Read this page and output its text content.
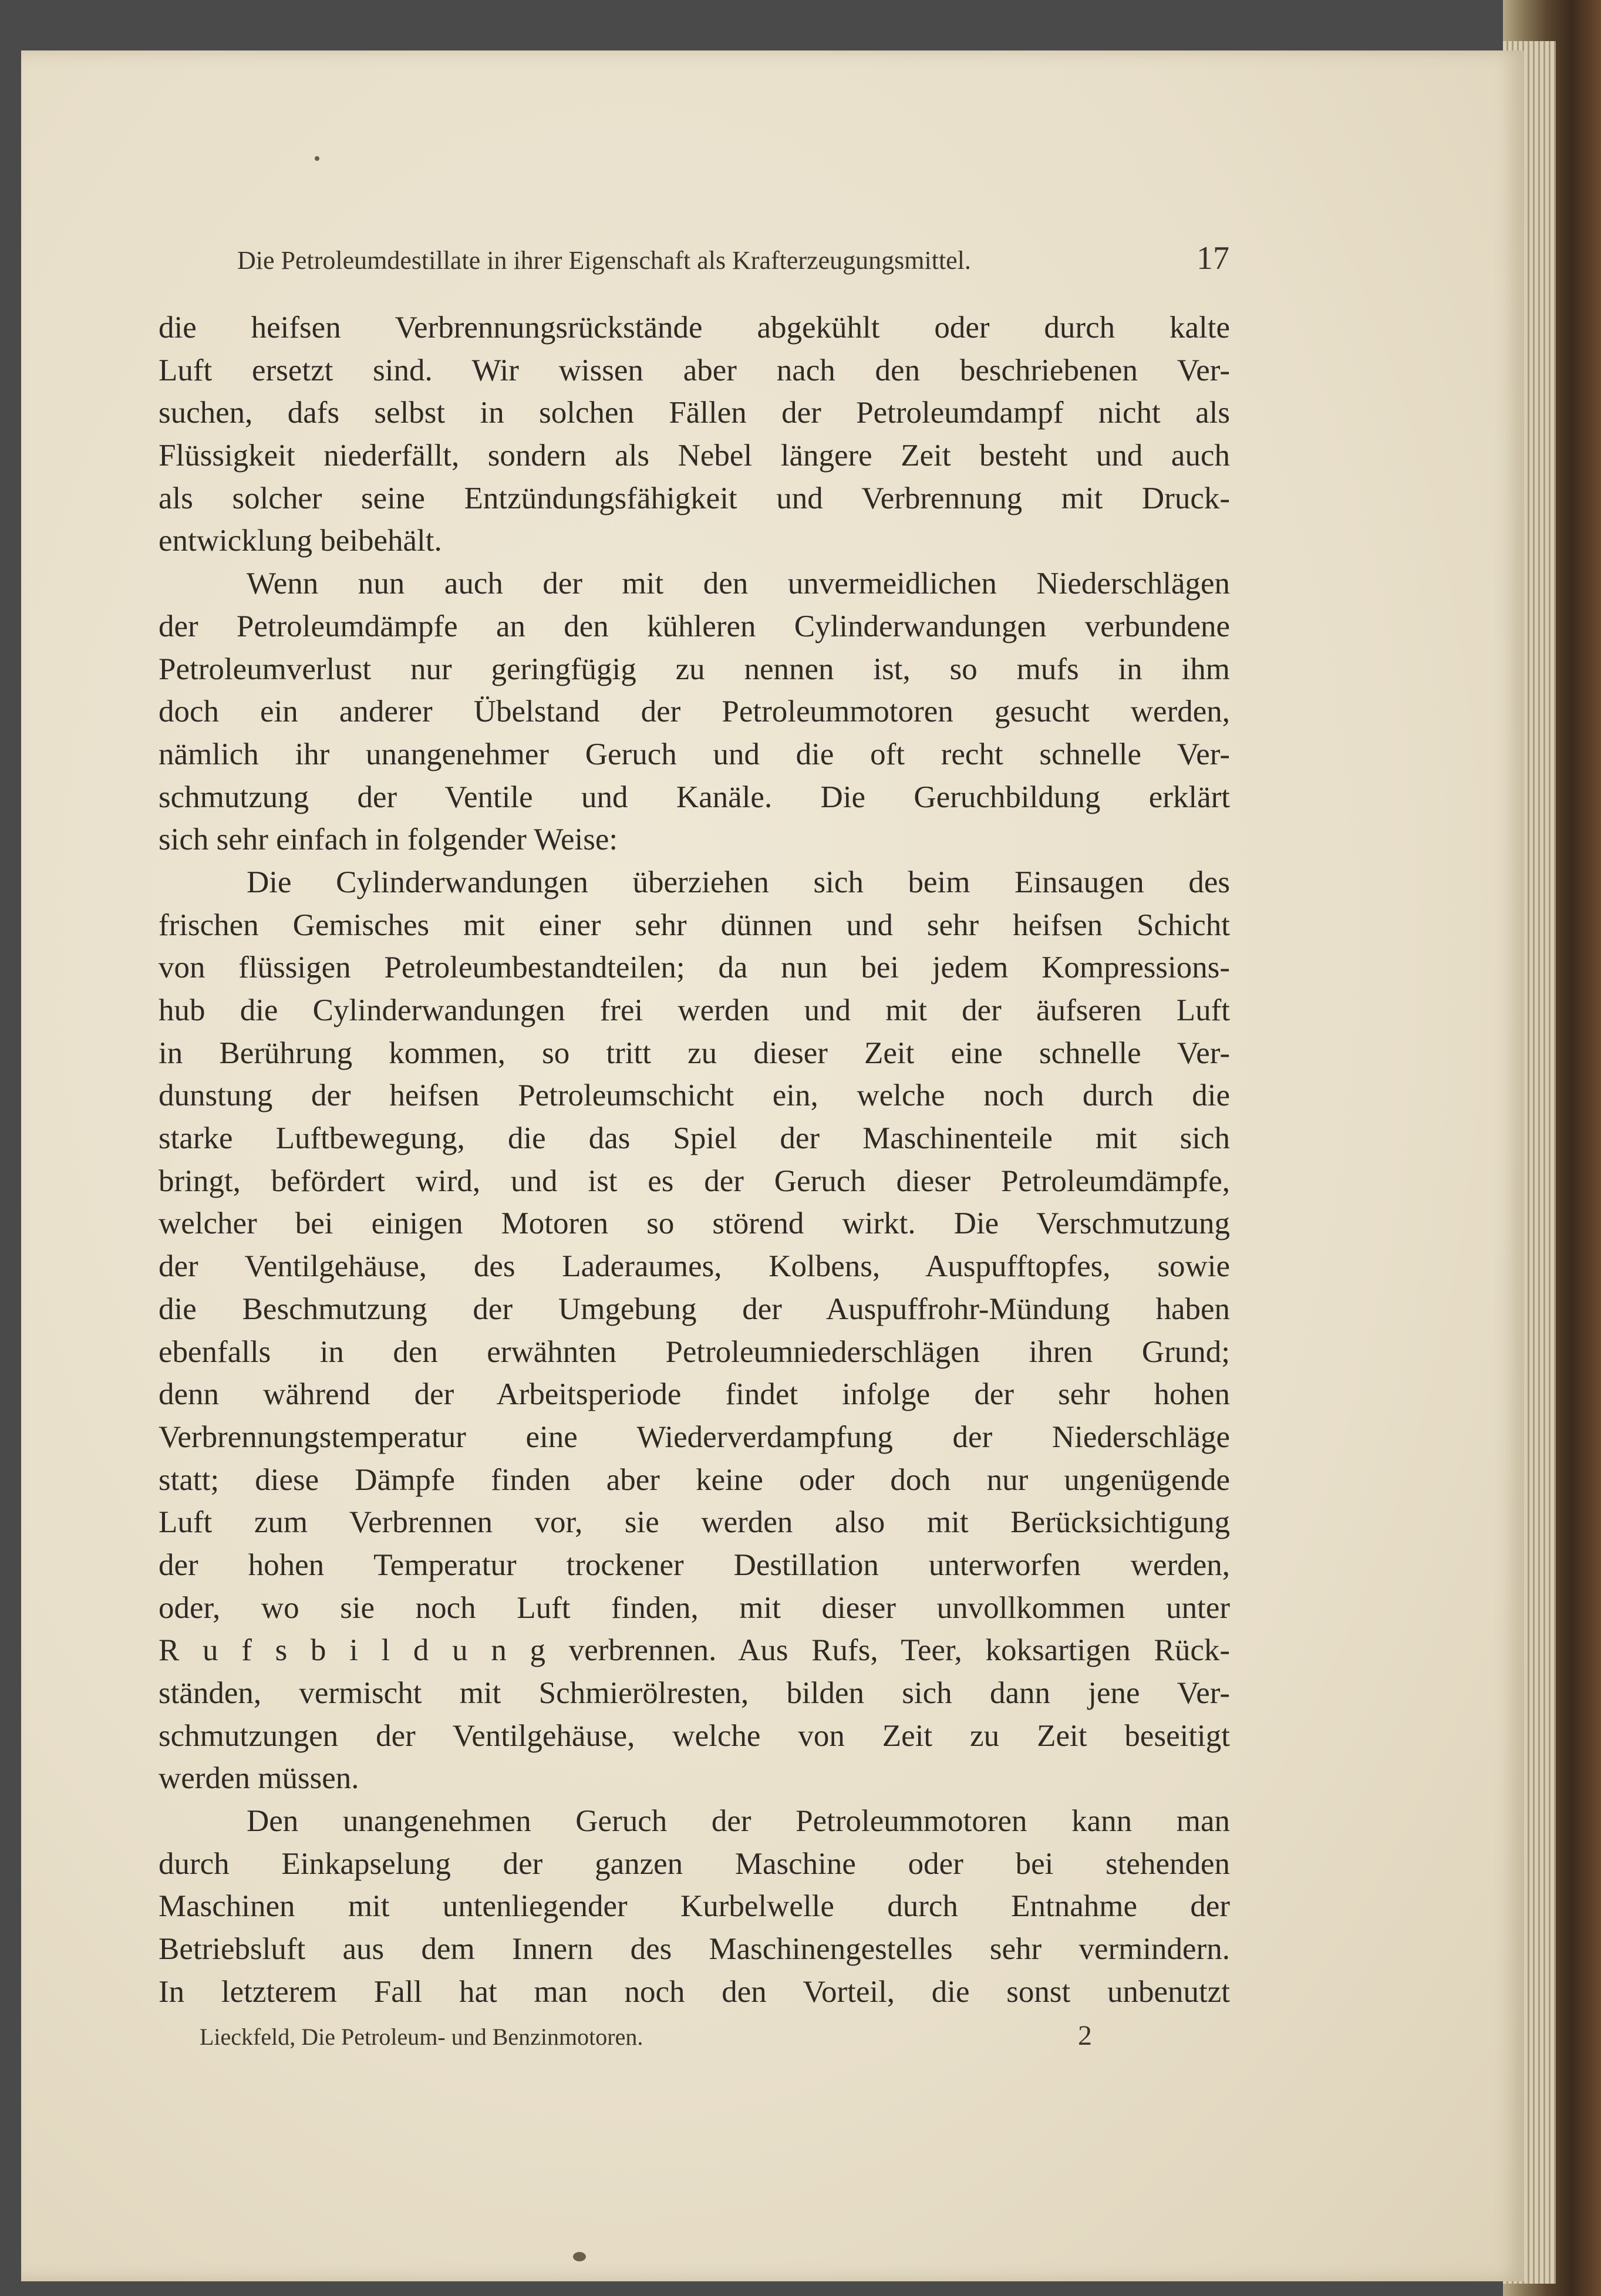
Die Petroleumdestillate in ihrer Eigenschaft als Krafterzeugungsmittel.	17
die heifsen Verbrennungsrückstände abgekühlt oder durch kalte
Luft ersetzt sind. Wir wissen aber nach den beschriebenen Ver-
suchen, dafs selbst in solchen Fällen der Petroleumdampf nicht als
Flüssigkeit niederfällt, sondern als Nebel längere Zeit besteht und auch
als solcher seine Entzündungsfähigkeit und Verbrennung mit Druck-
entwicklung beibehält.
Wenn nun auch der mit den unvermeidlichen Niederschlägen
der Petroleumdämpfe an den kühleren Cylinderwandungen verbundene
Petroleumverlust nur geringfügig zu nennen ist, so mufs in ihm
doch ein anderer Übelstand der Petroleummotoren gesucht werden,
nämlich ihr unangenehmer Geruch und die oft recht schnelle Ver-
schmutzung der Ventile und Kanäle. Die Geruchbildung erklärt
sich sehr einfach in folgender Weise:
Die Cylinderwandungen überziehen sich beim Einsaugen des
frischen Gemisches mit einer sehr dünnen und sehr heifsen Schicht
von flüssigen Petroleumbestandteilen; da nun bei jedem Kompressions-
hub die Cylinderwandungen frei werden und mit der äufseren Luft
in Berührung kommen, so tritt zu dieser Zeit eine schnelle Ver-
dunstung der heifsen Petroleumschicht ein, welche noch durch die
starke Luftbewegung, die das Spiel der Maschinenteile mit sich
bringt, befördert wird, und ist es der Geruch dieser Petroleumdämpfe,
welcher bei einigen Motoren so störend wirkt. Die Verschmutzung
der Ventilgehäuse, des Laderaumes, Kolbens, Auspufftopfes, sowie
die Beschmutzung der Umgebung der Auspuffrohr-Mündung haben
ebenfalls in den erwähnten Petroleumniederschlägen ihren Grund;
denn während der Arbeitsperiode findet infolge der sehr hohen
Verbrennungstemperatur eine Wiederverdampfung der Niederschläge
statt; diese Dämpfe finden aber keine oder doch nur ungenügende
Luft zum Verbrennen vor, sie werden also mit Berücksichtigung
der hohen Temperatur trockener Destillation unterworfen werden,
oder, wo sie noch Luft finden, mit dieser unvollkommen unter
R u f s b i l d u n g verbrennen. Aus Rufs, Teer, koksartigen Rück-
ständen, vermischt mit Schmierölresten, bilden sich dann jene Ver-
schmutzungen der Ventilgehäuse, welche von Zeit zu Zeit beseitigt
werden müssen.
Den unangenehmen Geruch der Petroleummotoren kann man
durch Einkapselung der ganzen Maschine oder bei stehenden
Maschinen mit untenliegender Kurbelwelle durch Entnahme der
Betriebsluft aus dem Innern des Maschinengestelles sehr vermindern.
In letzterem Fall hat man noch den Vorteil, die sonst unbenutzt
Lieckfeld, Die Petroleum- und Benzinmotoren.	2
